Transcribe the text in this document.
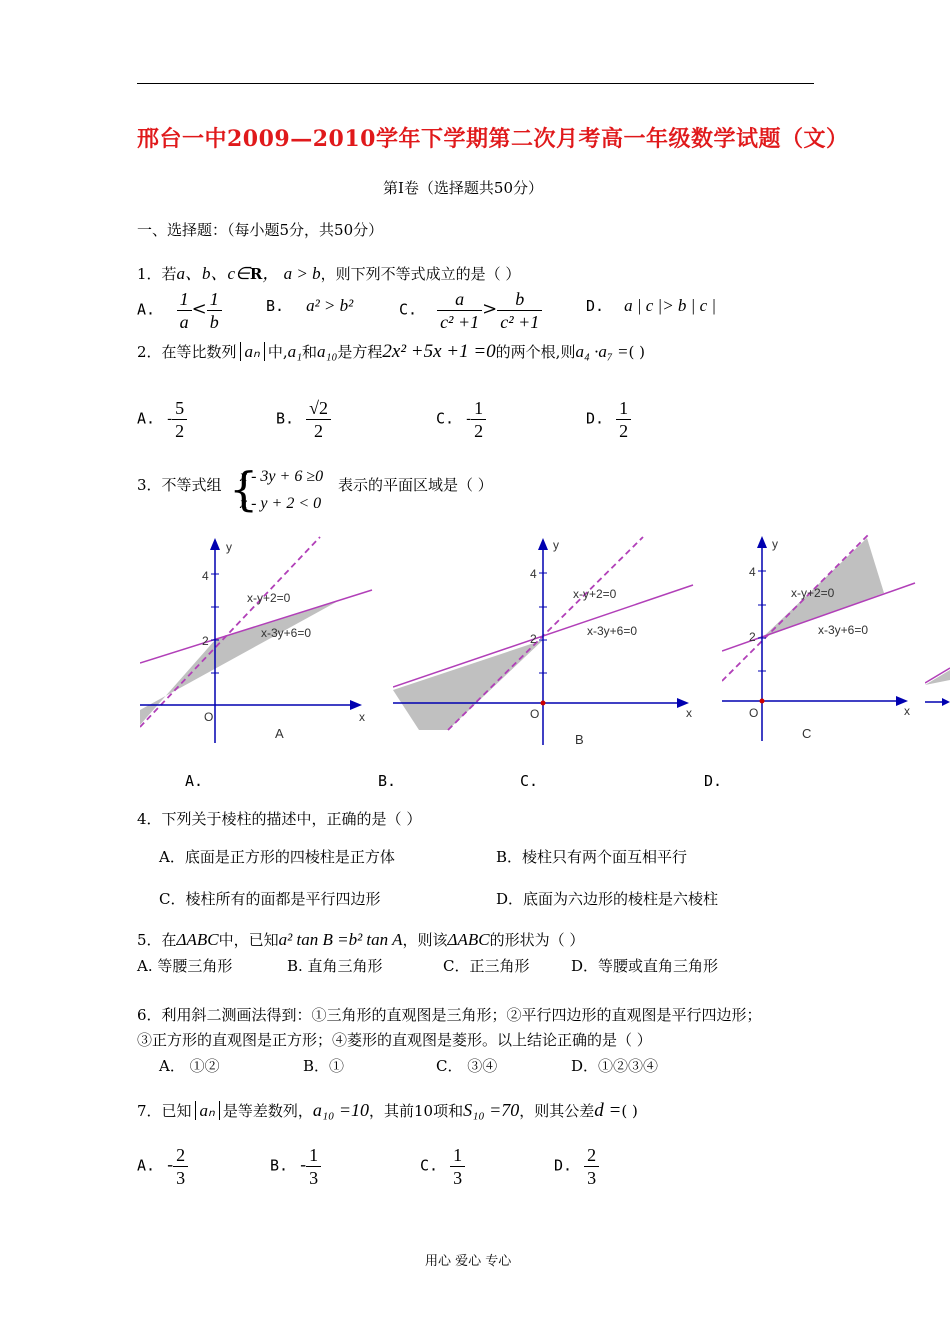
邢台一中2009—2010学年下学期第二次月考高一年级数学试题（文）
第Ⅰ卷（选择题共50分）
一、选择题：（每小题5分，共50分）
1．若a、b、c∈R， a > b，则下列不等式成立的是（ ）
A. $\frac{1}{a} < \frac{1}{b}$	B. a² > b²	C. $\frac{a}{\text{c² +1}} > \frac{b}{\text{c² +1}}$	D. a | c |> b | c |
2．在等比数列 aₙ 中,a₁和a₁₀是方程2x² +5x +1 =0的两个根,则a₄ ·a₇ =( )
A. - $\frac{5}{2}$	B. $\frac{√2}{2}$	C. - $\frac{1}{2}$	D. $\frac{1}{2}$
3．不等式组 {
x - 3y + 6 ≥0
x - y + 2 < 0
表示的平面区域是（ ）
y
x
O
4
2
x-y+2=0
x-3y+6=0
A
y
x
O
4
2
x-y+2=0
x-3y+6=0
B
y
x
O
4
2
x-y+2=0
x-3y+6=0
C
A.	B.	C.	D.
4．下列关于棱柱的描述中，正确的是（ ）
A．底面是正方形的四棱柱是正方体	B．棱柱只有两个面互相平行
C．棱柱所有的面都是平行四边形	D．底面为六边形的棱柱是六棱柱
5．在ΔABC中，已知a² tan B =b² tan A，则该ΔABC的形状为（ ）
A. 等腰三角形	B. 直角三角形	C．正三角形	D．等腰或直角三角形
6．利用斜二测画法得到：①三角形的直观图是三角形；②平行四边形的直观图是平行四边形；
③正方形的直观图是正方形；④菱形的直观图是菱形。以上结论正确的是（ ）
A． ①②	B．①	C． ③④	D．①②③④
7．已知 aₙ 是等差数列，a₁₀ =10，其前10项和S₁₀ =70，则其公差d =( )
A. - $\frac{2}{3}$	B. - $\frac{1}{3}$	C. $\frac{1}{3}$	D. $\frac{2}{3}$
用心 爱心 专心
